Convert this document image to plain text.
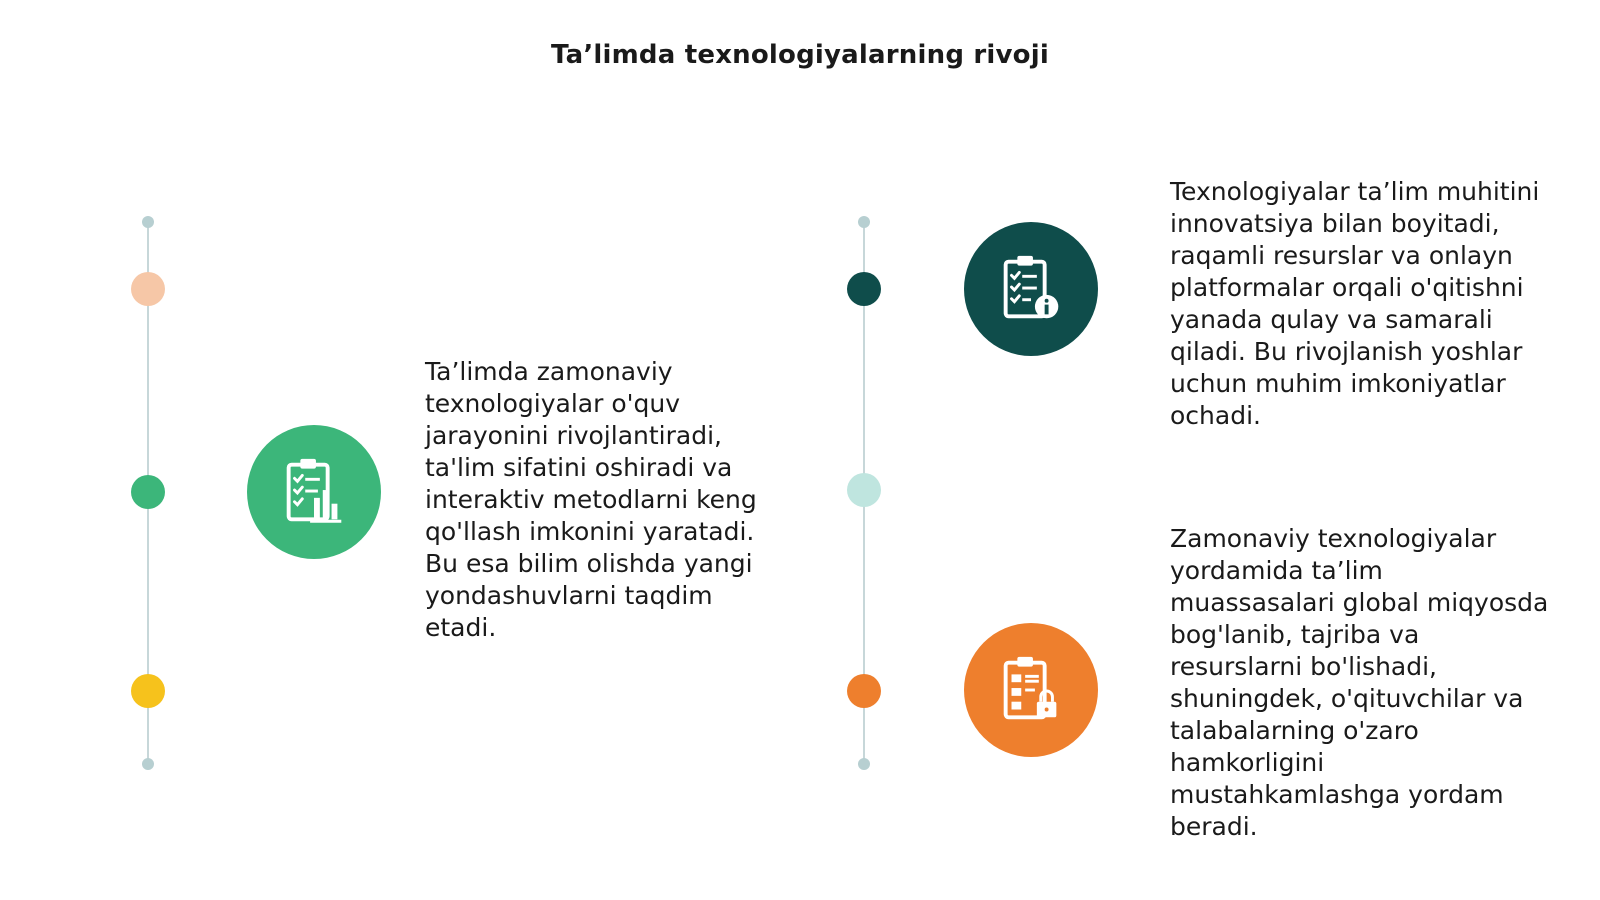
Ta’limda texnologiyalarning rivoji
Ta’limda zamonaviy texnologiyalar o'quv jarayonini rivojlantiradi, ta'lim sifatini oshiradi va interaktiv metodlarni keng qo'llash imkonini yaratadi. Bu esa bilim olishda yangi yondashuvlarni taqdim etadi.
Texnologiyalar ta’lim muhitini innovatsiya bilan boyitadi, raqamli resurslar va onlayn platformalar orqali o'qitishni yanada qulay va samarali qiladi. Bu rivojlanish yoshlar uchun muhim imkoniyatlar ochadi.
Zamonaviy texnologiyalar yordamida ta’lim muassasalari global miqyosda bog'lanib, tajriba va resurslarni bo'lishadi, shuningdek, o'qituvchilar va talabalarning o'zaro hamkorligini mustahkamlashga yordam beradi.
